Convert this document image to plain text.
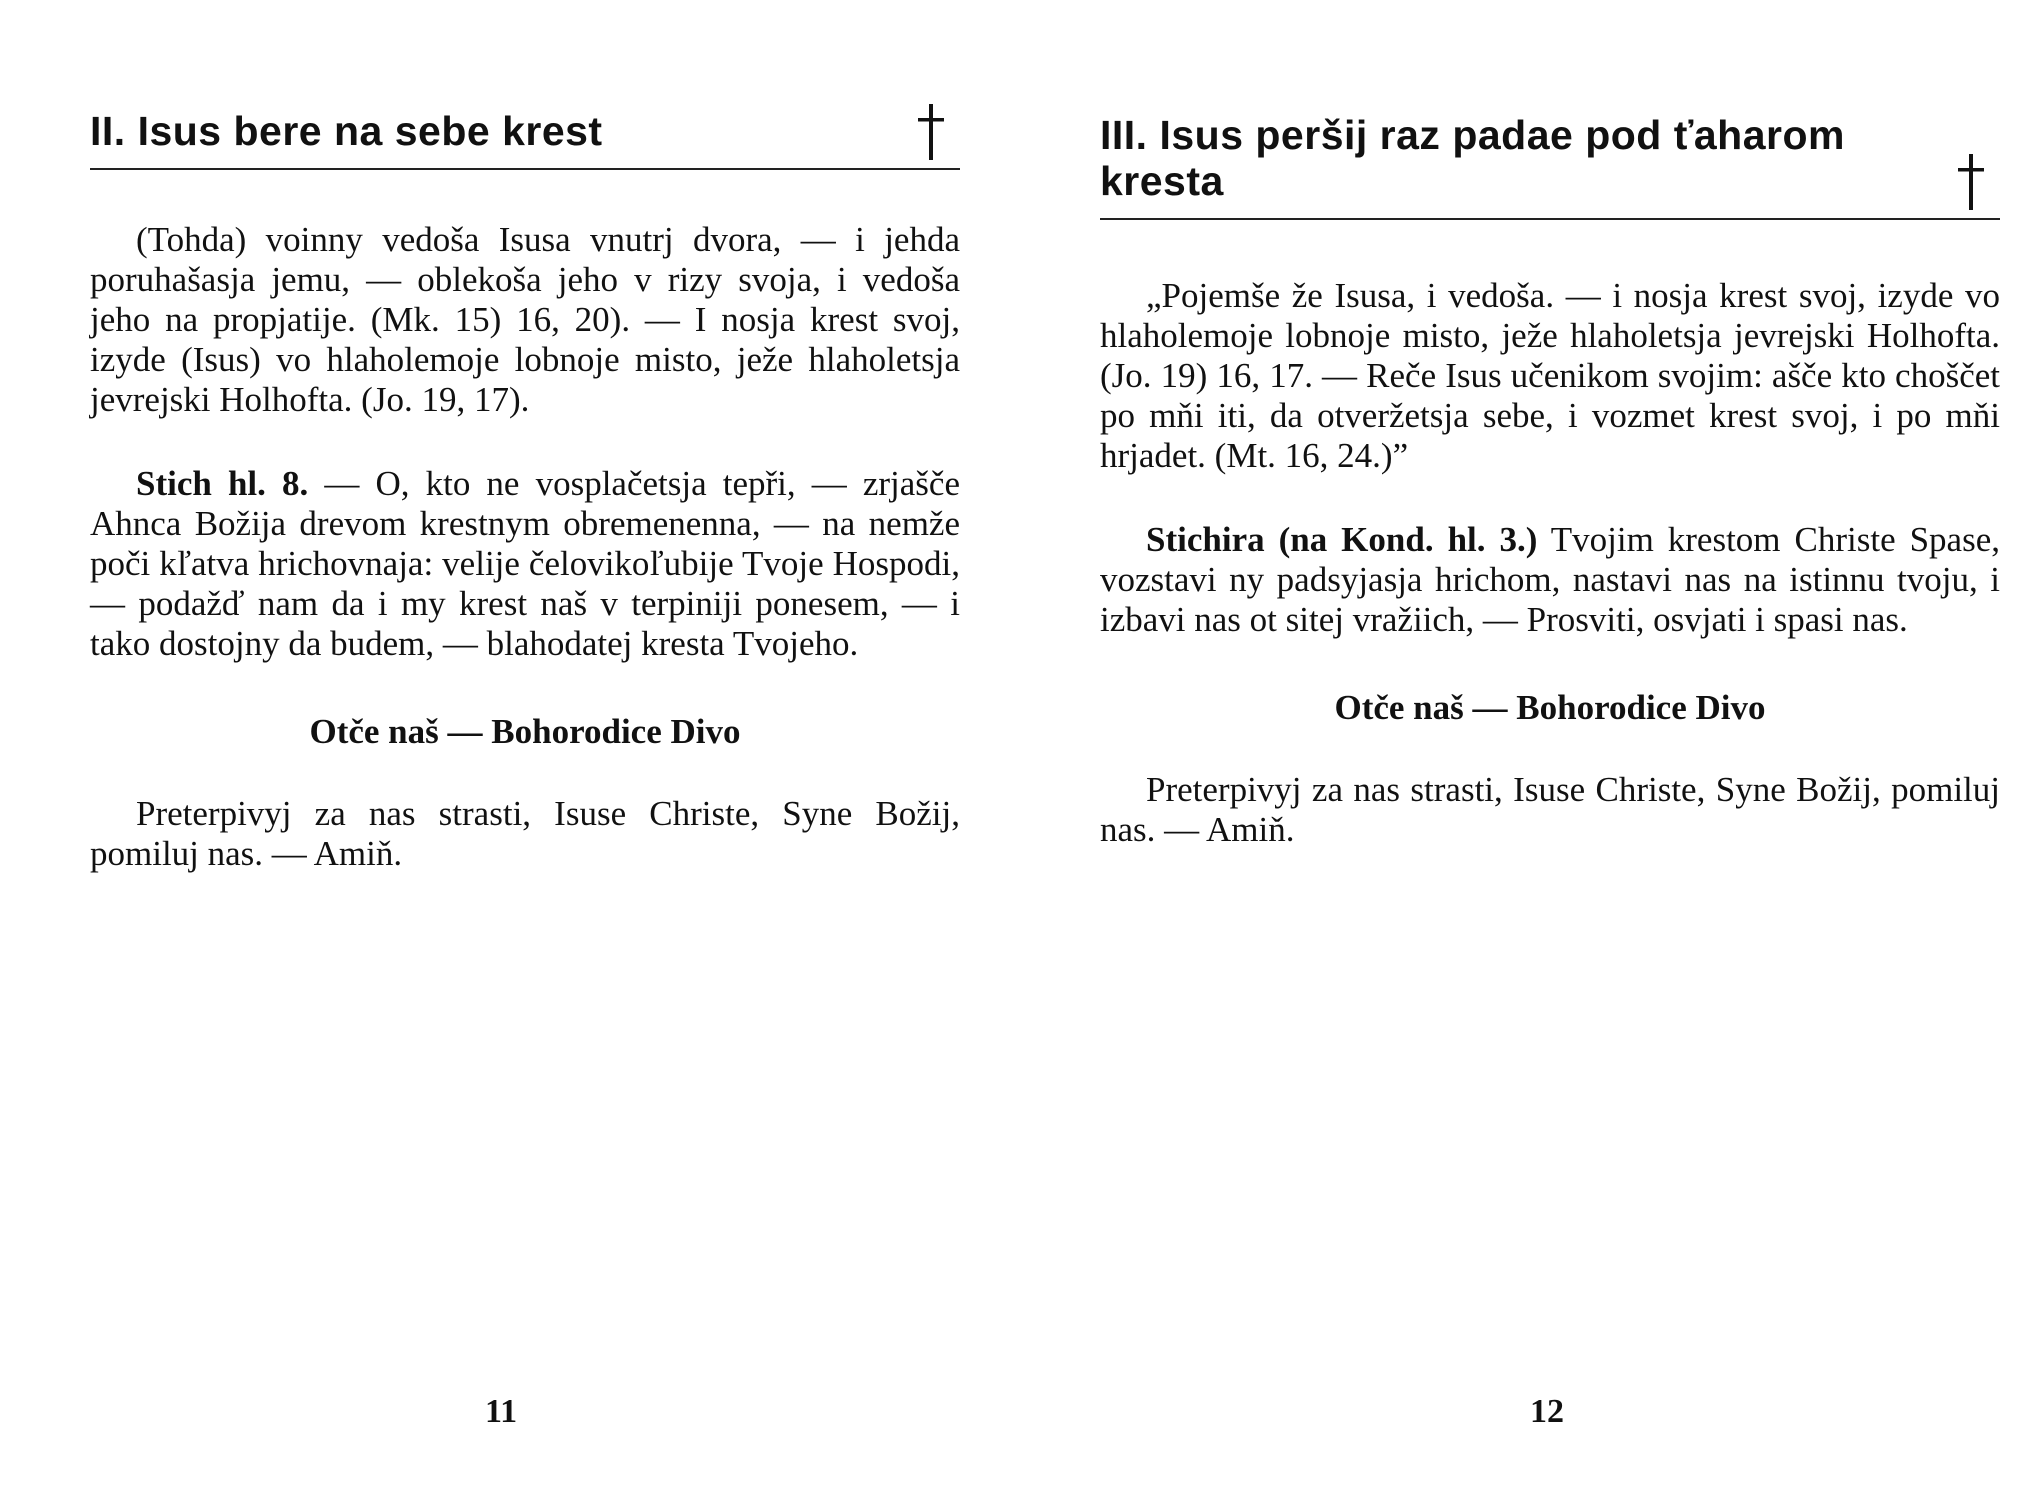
II. Isus bere na sebe krest

(Tohda) voinny vedoša Isusa vnutrj dvora, — i jehda poruhašasja jemu, — oblekoša jeho v rizy svoja, i vedoša jeho na propjatije. (Mk. 15) 16, 20). — I nosja krest svoj, izyde (Isus) vo hlaholemoje lobnoje misto, ježe hlaholetsja jevrejski Holhofta. (Jo. 19, 17).

Stich hl. 8. — O, kto ne vosplačetsja tepři, — zrjašče Ahnca Božija drevom krestnym obremenenna, — na nemže poči kľatva hrichovnaja: velije čelovikoľubije Tvoje Hospodi, — podažď nam da i my krest naš v terpiniji ponesem, — i tako dostojny da budem, — blahodatej kresta Tvojeho.

Otče naš — Bohorodice Divo

Preterpivyj za nas strasti, Isuse Christe, Syne Božij, pomiluj nas. — Amiň.

11
III. Isus peršij raz padae pod ťaharom kresta

„Pojemše že Isusa, i vedoša. — i nosja krest svoj, izyde vo hlaholemoje lobnoje misto, ježe hlaholetsja jevrejski Holhofta. (Jo. 19) 16, 17. — Reče Isus učenikom svojim: ašče kto choščet po mňi iti, da otveržetsja sebe, i vozmet krest svoj, i po mňi hrjadet. (Mt. 16, 24.)”

Stichira (na Kond. hl. 3.) Tvojim krestom Christe Spase, vozstavi ny padsyjasja hrichom, nastavi nas na istinnu tvoju, i izbavi nas ot sitej vražiich, — Prosviti, osvjati i spasi nas.

Otče naš — Bohorodice Divo

Preterpivyj za nas strasti, Isuse Christe, Syne Božij, pomiluj nas. — Amiň.

12
